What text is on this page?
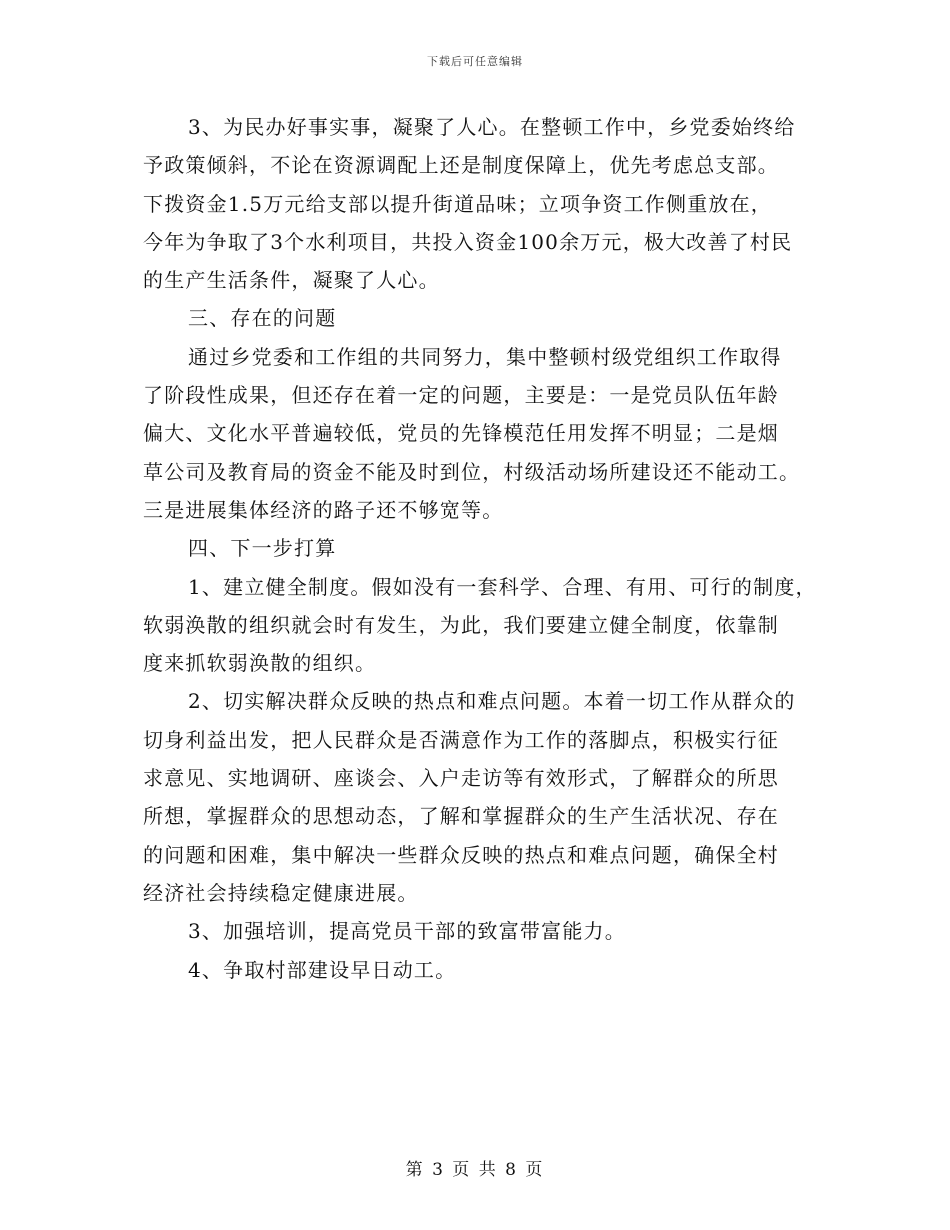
下载后可任意编辑
3、为民办好事实事，凝聚了人心。在整顿工作中，乡党委始终给
予政策倾斜，不论在资源调配上还是制度保障上，优先考虑总支部。
下拨资金1.5万元给支部以提升街道品味；立项争资工作侧重放在，
今年为争取了3个水利项目，共投入资金100余万元，极大改善了村民
的生产生活条件，凝聚了人心。
三、存在的问题
通过乡党委和工作组的共同努力，集中整顿村级党组织工作取得
了阶段性成果，但还存在着一定的问题，主要是：一是党员队伍年龄
偏大、文化水平普遍较低，党员的先锋模范任用发挥不明显；二是烟
草公司及教育局的资金不能及时到位，村级活动场所建设还不能动工。
三是进展集体经济的路子还不够宽等。
四、下一步打算
1、建立健全制度。假如没有一套科学、合理、有用、可行的制度，
软弱涣散的组织就会时有发生，为此，我们要建立健全制度，依靠制
度来抓软弱涣散的组织。
2、切实解决群众反映的热点和难点问题。本着一切工作从群众的
切身利益出发，把人民群众是否满意作为工作的落脚点，积极实行征
求意见、实地调研、座谈会、入户走访等有效形式，了解群众的所思
所想，掌握群众的思想动态，了解和掌握群众的生产生活状况、存在
的问题和困难，集中解决一些群众反映的热点和难点问题，确保全村
经济社会持续稳定健康进展。
3、加强培训，提高党员干部的致富带富能力。
4、争取村部建设早日动工。
第 3 页 共 8 页
